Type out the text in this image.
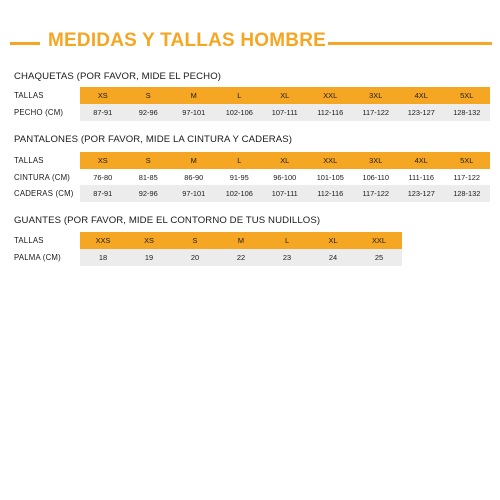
MEDIDAS Y TALLAS HOMBRE
CHAQUETAS (POR FAVOR, MIDE EL PECHO)
TALLAS	XS	S	M	L	XL	XXL	3XL	4XL	5XL
PECHO (CM)	87-91	92-96	97-101	102-106	107-111	112-116	117-122	123-127	128-132
PANTALONES (POR FAVOR, MIDE LA CINTURA Y CADERAS)
TALLAS	XS	S	M	L	XL	XXL	3XL	4XL	5XL
CINTURA (CM)	76-80	81-85	86-90	91-95	96-100	101-105	106-110	111-116	117-122
CADERAS (CM)	87-91	92-96	97-101	102-106	107-111	112-116	117-122	123-127	128-132
GUANTES (POR FAVOR, MIDE EL CONTORNO DE TUS NUDILLOS)
TALLAS	XXS	XS	S	M	L	XL	XXL
PALMA (CM)	18	19	20	22	23	24	25
